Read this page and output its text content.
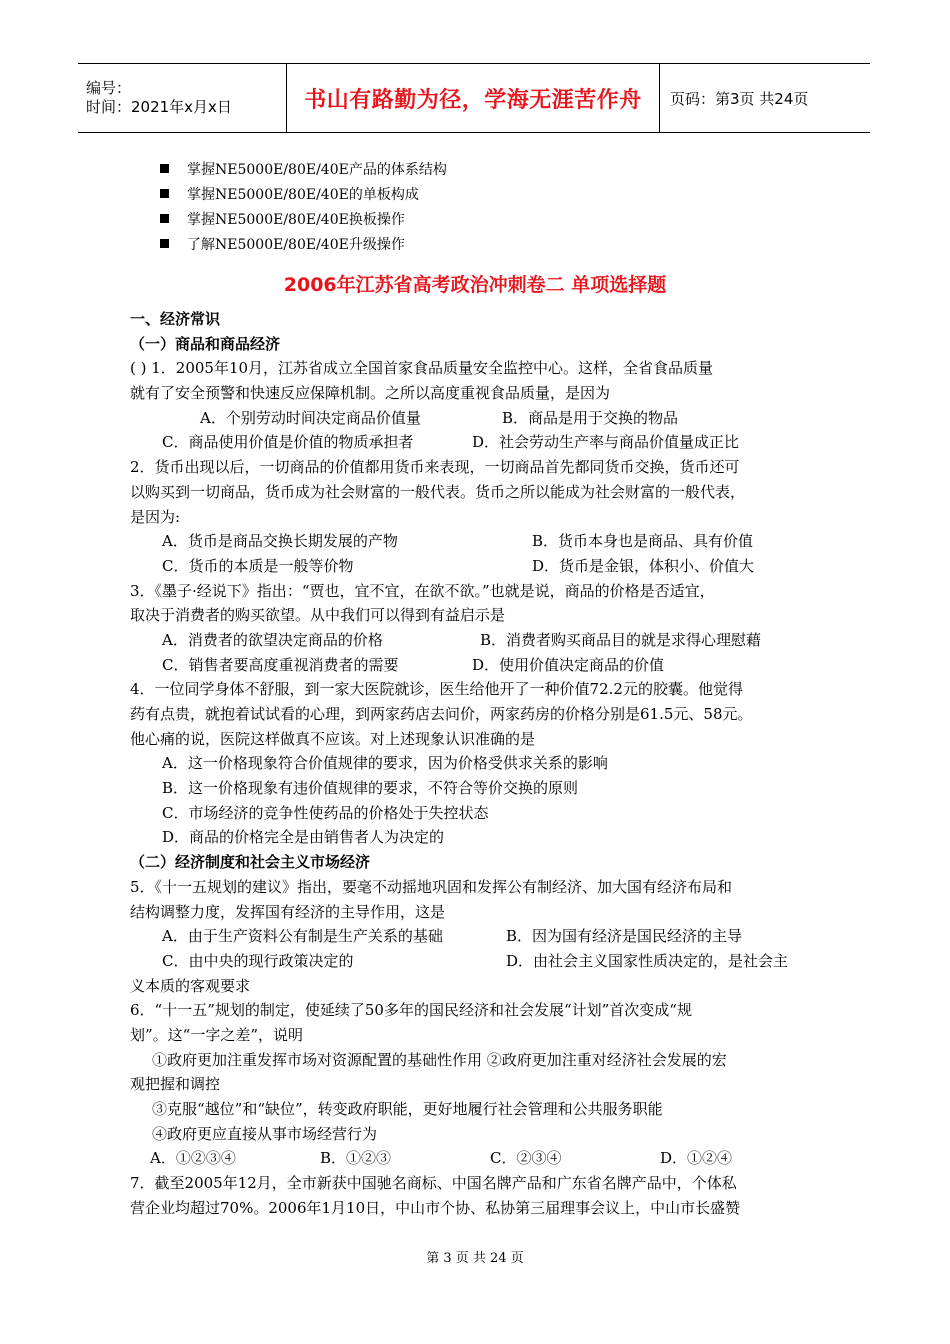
编号：
时间：2021年x月x日	书山有路勤为径，学海无涯苦作舟	页码：第3页 共24页
掌握NE5000E/80E/40E产品的体系结构
掌握NE5000E/80E/40E的单板构成
掌握NE5000E/80E/40E换板操作
了解NE5000E/80E/40E升级操作
2006年江苏省高考政治冲刺卷二 单项选择题
一、经济常识
（一）商品和商品经济
( ) 1．2005年10月，江苏省成立全国首家食品质量安全监控中心。这样，全省食品质量
就有了安全预警和快速反应保障机制。之所以高度重视食品质量，是因为
A．个别劳动时间决定商品价值量	B．商品是用于交换的物品
C．商品使用价值是价值的物质承担者	D．社会劳动生产率与商品价值量成正比
2．货币出现以后，一切商品的价值都用货币来表现，一切商品首先都同货币交换，货币还可
以购买到一切商品，货币成为社会财富的一般代表。货币之所以能成为社会财富的一般代表，
是因为:
A．货币是商品交换长期发展的产物	B．货币本身也是商品、具有价值
C．货币的本质是一般等价物	D．货币是金银，体积小、价值大
3．《墨子·经说下》指出：“贾也，宜不宜，在欲不欲。”也就是说，商品的价格是否适宜，
取决于消费者的购买欲望。从中我们可以得到有益启示是
A．消费者的欲望决定商品的价格	B．消费者购买商品目的就是求得心理慰藉
C．销售者要高度重视消费者的需要	D．使用价值决定商品的价值
4．一位同学身体不舒服，到一家大医院就诊，医生给他开了一种价值72.2元的胶囊。他觉得
药有点贵，就抱着试试看的心理，到两家药店去问价，两家药房的价格分别是61.5元、58元。
他心痛的说，医院这样做真不应该。对上述现象认识准确的是
A．这一价格现象符合价值规律的要求，因为价格受供求关系的影响
B．这一价格现象有违价值规律的要求，不符合等价交换的原则
C．市场经济的竞争性使药品的价格处于失控状态
D．商品的价格完全是由销售者人为决定的
（二）经济制度和社会主义市场经济
5．《十一五规划的建议》指出，要毫不动摇地巩固和发挥公有制经济、加大国有经济布局和
结构调整力度，发挥国有经济的主导作用，这是
A．由于生产资料公有制是生产关系的基础	B．因为国有经济是国民经济的主导
C．由中央的现行政策决定的	D．由社会主义国家性质决定的，是社会主
义本质的客观要求
6．“十一五”规划的制定，使延续了50多年的国民经济和社会发展“计划”首次变成“规
划”。这“一字之差”，说明
①政府更加注重发挥市场对资源配置的基础性作用 ②政府更加注重对经济社会发展的宏
观把握和调控
③克服“越位”和“缺位”，转变政府职能，更好地履行社会管理和公共服务职能
④政府更应直接从事市场经营行为
A．①②③④	B．①②③	C．②③④	D．①②④
7．截至2005年12月，全市新获中国驰名商标、中国名牌产品和广东省名牌产品中，个体私
营企业均超过70%。2006年1月10日，中山市个协、私协第三届理事会议上，中山市长盛赞
第 3 页 共 24 页
